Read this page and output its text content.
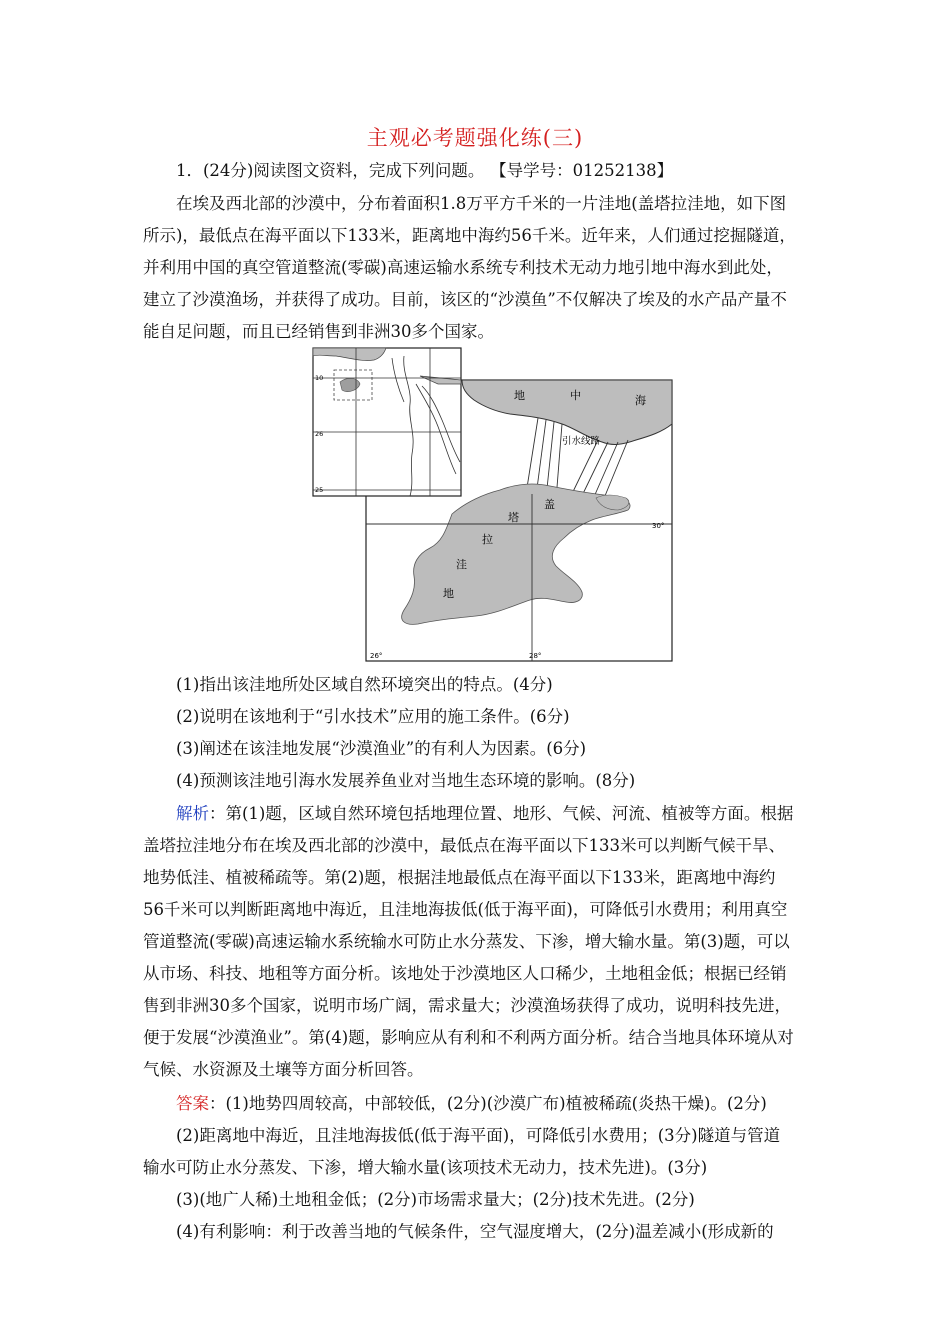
主观必考题强化练(三)
1．(24分)阅读图文资料，完成下列问题。 【导学号：01252138】
在埃及西北部的沙漠中，分布着面积1.8万平方千米的一片洼地(盖塔拉洼地，如下图
所示)，最低点在海平面以下133米，距离地中海约56千米。近年来，人们通过挖掘隧道，
并利用中国的真空管道整流(零碳)高速运输水系统专利技术无动力地引地中海水到此处，
建立了沙漠渔场，并获得了成功。目前，该区的“沙漠鱼”不仅解决了埃及的水产品产量不
能自足问题，而且已经销售到非洲30多个国家。
地	中	海
引水线路
盖
塔
拉
洼
地
30°
26°	28°
10
26
25
(1)指出该洼地所处区域自然环境突出的特点。(4分)
(2)说明在该地利于“引水技术”应用的施工条件。(6分)
(3)阐述在该洼地发展“沙漠渔业”的有利人为因素。(6分)
(4)预测该洼地引海水发展养鱼业对当地生态环境的影响。(8分)
解析：第(1)题，区域自然环境包括地理位置、地形、气候、河流、植被等方面。根据
盖塔拉洼地分布在埃及西北部的沙漠中，最低点在海平面以下133米可以判断气候干旱、
地势低洼、植被稀疏等。第(2)题，根据洼地最低点在海平面以下133米，距离地中海约
56千米可以判断距离地中海近，且洼地海拔低(低于海平面)，可降低引水费用；利用真空
管道整流(零碳)高速运输水系统输水可防止水分蒸发、下渗，增大输水量。第(3)题，可以
从市场、科技、地租等方面分析。该地处于沙漠地区人口稀少，土地租金低；根据已经销
售到非洲30多个国家，说明市场广阔，需求量大；沙漠渔场获得了成功，说明科技先进，
便于发展“沙漠渔业”。第(4)题，影响应从有利和不利两方面分析。结合当地具体环境从对
气候、水资源及土壤等方面分析回答。
答案：(1)地势四周较高，中部较低，(2分)(沙漠广布)植被稀疏(炎热干燥)。(2分)
(2)距离地中海近，且洼地海拔低(低于海平面)，可降低引水费用；(3分)隧道与管道
输水可防止水分蒸发、下渗，增大输水量(该项技术无动力，技术先进)。(3分)
(3)(地广人稀)土地租金低；(2分)市场需求量大；(2分)技术先进。(2分)
(4)有利影响：利于改善当地的气候条件，空气湿度增大，(2分)温差减小(形成新的
